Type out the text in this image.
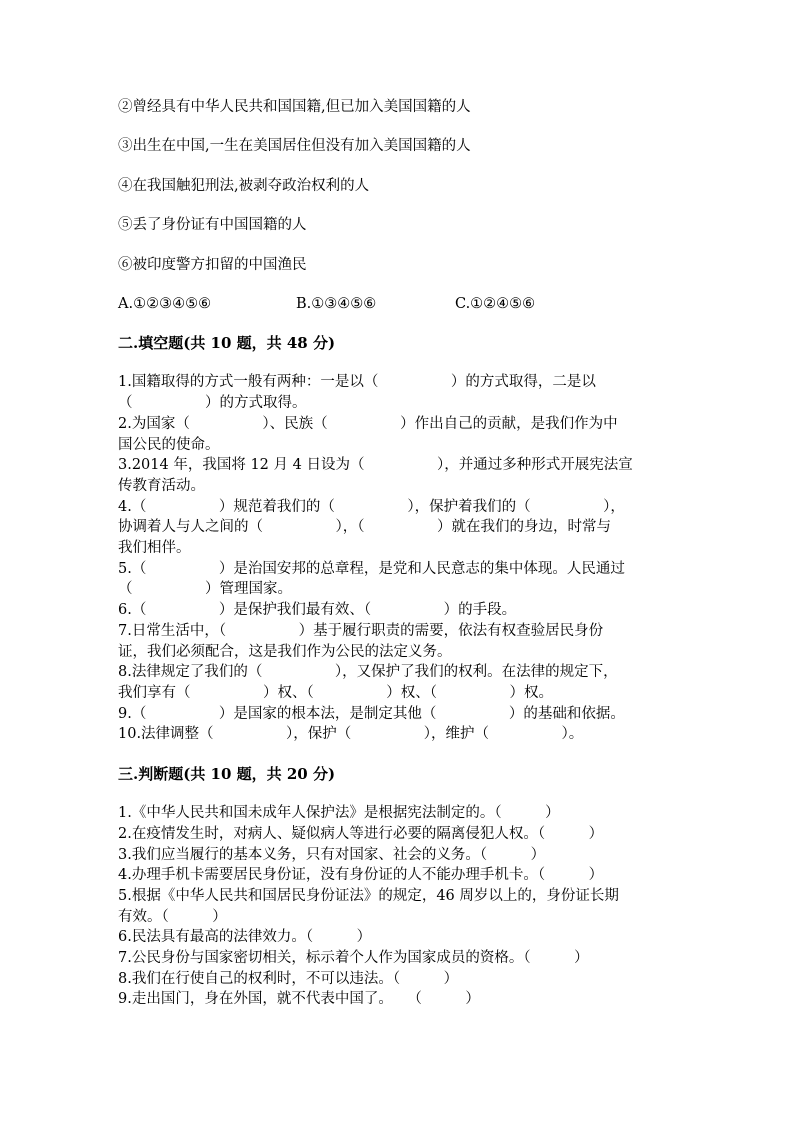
②曾经具有中华人民共和国国籍,但已加入美国国籍的人
③出生在中国,一生在美国居住但没有加入美国国籍的人
④在我国触犯刑法,被剥夺政治权利的人
⑤丢了身份证有中国国籍的人
⑥被印度警方扣留的中国渔民
A.①②③④⑤⑥	B.①③④⑤⑥	C.①②④⑤⑥
二.填空题(共 10 题，共 48 分)
1.国籍取得的方式一般有两种：一是以（　　　　　）的方式取得，二是以
（　　　　　）的方式取得。
2.为国家（　　　　　）、民族（　　　　　）作出自己的贡献，是我们作为中
国公民的使命。
3.2014 年，我国将 12 月 4 日设为（　　　　　），并通过多种形式开展宪法宣
传教育活动。
4.（　　　　　）规范着我们的（　　　　　），保护着我们的（　　　　　），
协调着人与人之间的（　　　　　），（　　　　　）就在我们的身边，时常与
我们相伴。
5.（　　　　　）是治国安邦的总章程，是党和人民意志的集中体现。人民通过
（　　　　　）管理国家。
6.（　　　　　）是保护我们最有效、（　　　　　）的手段。
7.日常生活中，（　　　　　）基于履行职责的需要，依法有权查验居民身份
证，我们必须配合，这是我们作为公民的法定义务。
8.法律规定了我们的（　　　　　），又保护了我们的权利。在法律的规定下，
我们享有（　　　　　）权、（　　　　　）权、（　　　　　）权。
9.（　　　　　）是国家的根本法，是制定其他（　　　　　）的基础和依据。
10.法律调整（　　　　　），保护（　　　　　），维护（　　　　　）。
三.判断题(共 10 题，共 20 分)
1.《中华人民共和国未成年人保护法》是根据宪法制定的。（　　　）
2.在疫情发生时，对病人、疑似病人等进行必要的隔离侵犯人权。（　　　）
3.我们应当履行的基本义务，只有对国家、社会的义务。（　　　）
4.办理手机卡需要居民身份证，没有身份证的人不能办理手机卡。（　　　）
5.根据《中华人民共和国居民身份证法》的规定，46 周岁以上的，身份证长期
有效。（　　　）
6.民法具有最高的法律效力。（　　　）
7.公民身份与国家密切相关，标示着个人作为国家成员的资格。（　　　）
8.我们在行使自己的权利时，不可以违法。（　　　）
9.走出国门，身在外国，就不代表中国了。　　（　　　）
